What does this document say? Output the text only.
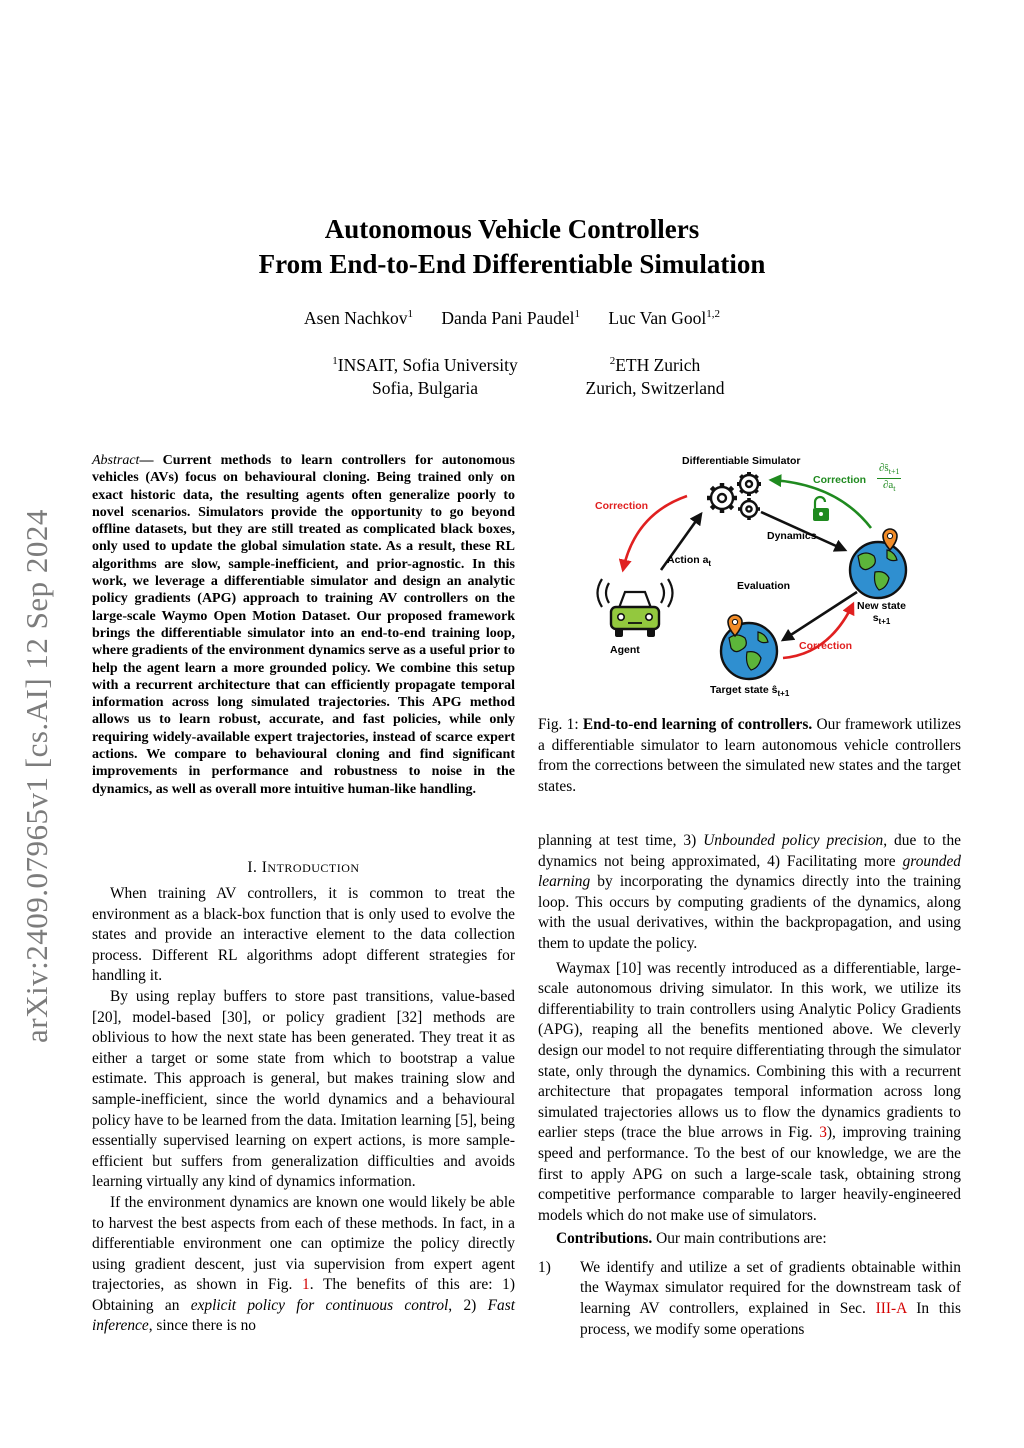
arXiv:2409.07965v1 [cs.AI] 12 Sep 2024
Autonomous Vehicle Controllers
From End-to-End Differentiable Simulation
Asen Nachkov$^1$ Danda Pani Paudel$^1$ Luc Van Gool$^{1,2}$
$^1$INSAIT, Sofia University
Sofia, Bulgaria
$^2$ETH Zurich
Zurich, Switzerland
Abstract— Current methods to learn controllers for autonomous vehicles (AVs) focus on behavioural cloning. Being trained only on exact historic data, the resulting agents often generalize poorly to novel scenarios. Simulators provide the opportunity to go beyond offline datasets, but they are still treated as complicated black boxes, only used to update the global simulation state. As a result, these RL algorithms are slow, sample-inefficient, and prior-agnostic. In this work, we leverage a differentiable simulator and design an analytic policy gradients (APG) approach to training AV controllers on the large-scale Waymo Open Motion Dataset. Our proposed framework brings the differentiable simulator into an end-to-end training loop, where gradients of the environment dynamics serve as a useful prior to help the agent learn a more grounded policy. We combine this setup with a recurrent architecture that can efficiently propagate temporal information across long simulated trajectories. This APG method allows us to learn robust, accurate, and fast policies, while only requiring widely-available expert trajectories, instead of scarce expert actions. We compare to behavioural cloning and find significant improvements in performance and robustness to noise in the dynamics, as well as overall more intuitive human-like handling.
I. INTRODUCTION

When training AV controllers, it is common to treat the environment as a black-box function that is only used to evolve the states and provide an interactive element to the data collection process. Different RL algorithms adopt different strategies for handling it.

By using replay buffers to store past transitions, value-based [20], model-based [30], or policy gradient [32] methods are oblivious to how the next state has been generated. They treat it as either a target or some state from which to bootstrap a value estimate. This approach is general, but makes training slow and sample-inefficient, since the world dynamics and a behavioural policy have to be learned from the data. Imitation learning [5], being essentially supervised learning on expert actions, is more sample-efficient but suffers from generalization difficulties and avoids learning virtually any kind of dynamics information.

If the environment dynamics are known one would likely be able to harvest the best aspects from each of these methods. In fact, in a differentiable environment one can optimize the policy directly using gradient descent, just via supervision from expert agent trajectories, as shown in Fig. 1. The benefits of this are: 1) Obtaining an explicit policy for continuous control, 2) Fast inference, since there is no

Differentiable Simulator
Correction
Correction
$\partial ŝ_{t+1}$
$\partial a_t$
Dynamics
Action $a_t$
Evaluation
New state
$s_{t+1}$
Agent	Correction
Target state $ŝ_{t+1}$
Fig. 1: End-to-end learning of controllers. Our framework utilizes a differentiable simulator to learn autonomous vehicle controllers from the corrections between the simulated new states and the target states.

planning at test time, 3) Unbounded policy precision, due to the dynamics not being approximated, 4) Facilitating more grounded learning by incorporating the dynamics directly into the training loop. This occurs by computing gradients of the dynamics, along with the usual derivatives, within the backpropagation, and using them to update the policy.

Waymax [10] was recently introduced as a differentiable, large-scale autonomous driving simulator. In this work, we utilize its differentiability to train controllers using Analytic Policy Gradients (APG), reaping all the benefits mentioned above. We cleverly design our model to not require differentiating through the simulator state, only through the dynamics. Combining this with a recurrent architecture that propagates temporal information across long simulated trajectories allows us to flow the dynamics gradients to earlier steps (trace the blue arrows in Fig. 3), improving training speed and performance. To the best of our knowledge, we are the first to apply APG on such a large-scale task, obtaining strong competitive performance comparable to larger heavily-engineered models which do not make use of simulators.

Contributions. Our main contributions are:

1)	We identify and utilize a set of gradients obtainable within the Waymax simulator required for the downstream task of learning AV controllers, explained in Sec. III-A In this process, we modify some operations
